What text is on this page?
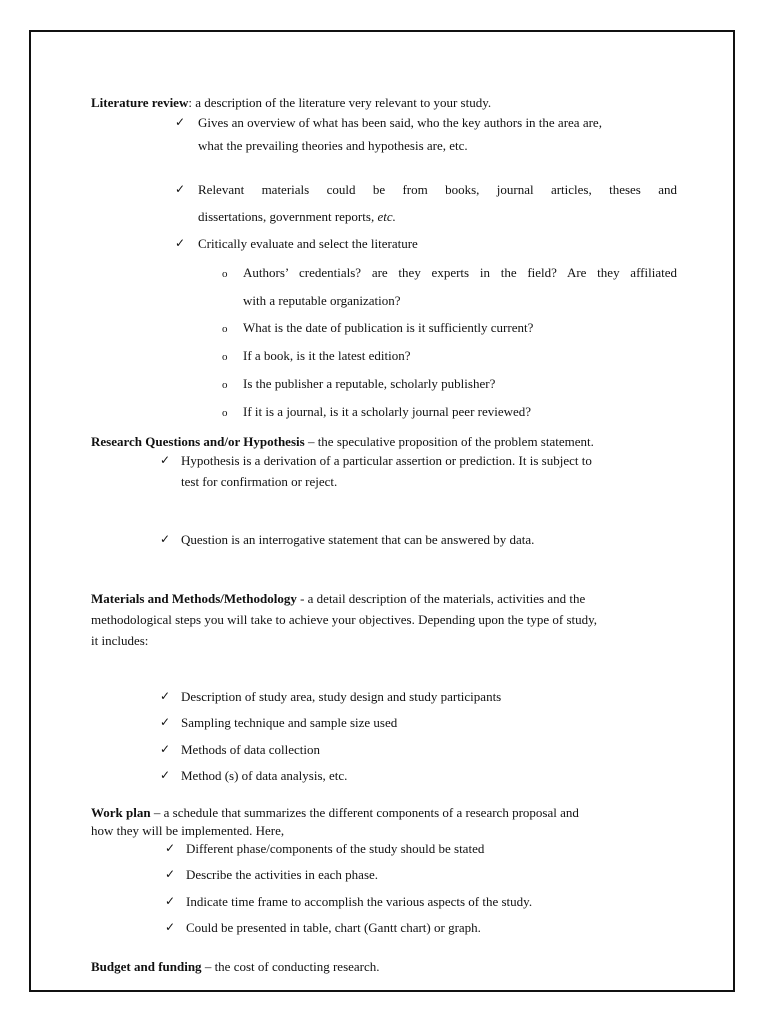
Literature review: a description of the literature very relevant to your study.
✓ Gives an overview of what has been said, who the key authors in the area are,
what the prevailing theories and hypothesis are, etc.
✓ Relevant materials could be from books, journal articles, theses and
dissertations, government reports, etc.
✓ Critically evaluate and select the literature
o Authors’ credentials? are they experts in the field? Are they affiliated
with a reputable organization?
o What is the date of publication is it sufficiently current?
o If a book, is it the latest edition?
o Is the publisher a reputable, scholarly publisher?
o If it is a journal, is it a scholarly journal peer reviewed?
Research Questions and/or Hypothesis – the speculative proposition of the problem statement.
✓ Hypothesis is a derivation of a particular assertion or prediction. It is subject to
test for confirmation or reject.
✓ Question is an interrogative statement that can be answered by data.
Materials and Methods/Methodology - a detail description of the materials, activities and the
methodological steps you will take to achieve your objectives. Depending upon the type of study,
it includes:
✓ Description of study area, study design and study participants
✓ Sampling technique and sample size used
✓ Methods of data collection
✓ Method (s) of data analysis, etc.
Work plan – a schedule that summarizes the different components of a research proposal and
how they will be implemented. Here,
✓ Different phase/components of the study should be stated
✓ Describe the activities in each phase.
✓ Indicate time frame to accomplish the various aspects of the study.
✓ Could be presented in table, chart (Gantt chart) or graph.
Budget and funding – the cost of conducting research.
